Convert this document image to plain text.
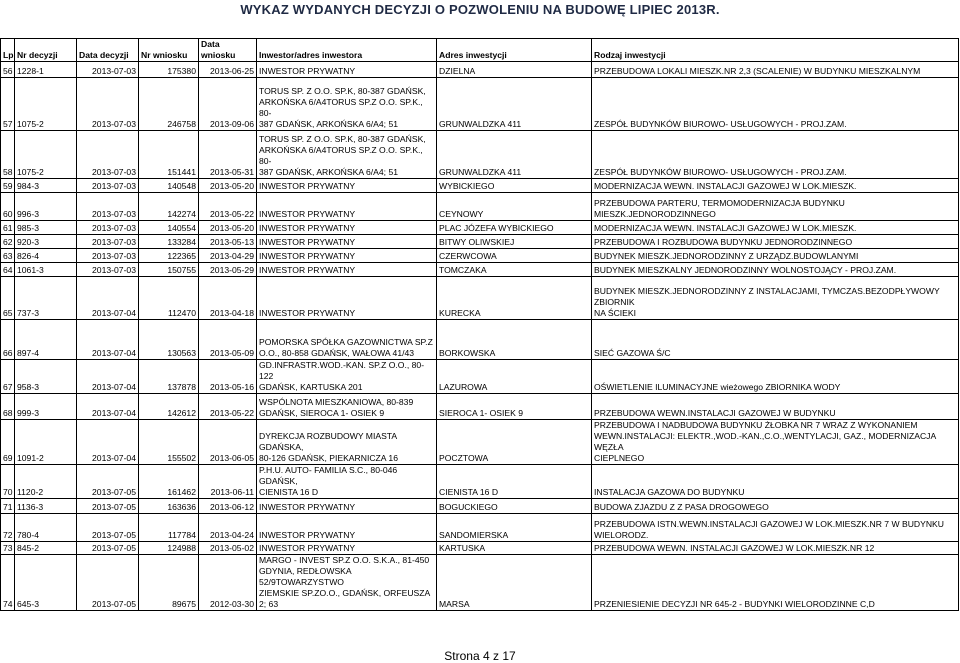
WYKAZ WYDANYCH DECYZJI O POZWOLENIU NA BUDOWĘ LIPIEC 2013R.
Lp	Nr decyzji	Data decyzji	Nr wniosku	Data wniosku	Inwestor/adres inwestora	Adres inwestycji	Rodzaj inwestycji
56	1228-1	2013-07-03	175380	2013-06-25	INWESTOR PRYWATNY	DZIELNA	PRZEBUDOWA LOKALI MIESZK.NR 2,3 (SCALENIE) W BUDYNKU MIESZKALNYM
57	1075-2	2013-07-03	246758	2013-09-06	TORUS SP. Z O.O. SP.K, 80-387 GDAŃSK,
ARKOŃSKA 6/A4TORUS SP.Z O.O. SP.K., 80-
387 GDAŃSK, ARKOŃSKA 6/A4; 51	GRUNWALDZKA 411	ZESPÓŁ BUDYNKÓW BIUROWO- USŁUGOWYCH - PROJ.ZAM.
58	1075-2	2013-07-03	151441	2013-05-31	TORUS SP. Z O.O. SP.K, 80-387 GDAŃSK,
ARKOŃSKA 6/A4TORUS SP.Z O.O. SP.K., 80-
387 GDAŃSK, ARKOŃSKA 6/A4; 51	GRUNWALDZKA 411	ZESPÓŁ BUDYNKÓW BIUROWO- USŁUGOWYCH - PROJ.ZAM.
59	984-3	2013-07-03	140548	2013-05-20	INWESTOR PRYWATNY	WYBICKIEGO	MODERNIZACJA WEWN. INSTALACJI GAZOWEJ W LOK.MIESZK.
60	996-3	2013-07-03	142274	2013-05-22	INWESTOR PRYWATNY	CEYNOWY	PRZEBUDOWA PARTERU, TERMOMODERNIZACJA BUDYNKU MIESZK.JEDNORODZINNEGO
61	985-3	2013-07-03	140554	2013-05-20	INWESTOR PRYWATNY	PLAC JÓZEFA WYBICKIEGO	MODERNIZACJA WEWN. INSTALACJI GAZOWEJ W LOK.MIESZK.
62	920-3	2013-07-03	133284	2013-05-13	INWESTOR PRYWATNY	BITWY OLIWSKIEJ	PRZEBUDOWA I ROZBUDOWA BUDYNKU JEDNORODZINNEGO
63	826-4	2013-07-03	122365	2013-04-29	INWESTOR PRYWATNY	CZERWCOWA	BUDYNEK MIESZK.JEDNORODZINNY Z URZĄDZ.BUDOWLANYMI
64	1061-3	2013-07-03	150755	2013-05-29	INWESTOR PRYWATNY	TOMCZAKA	BUDYNEK MIESZKALNY JEDNORODZINNY WOLNOSTOJĄCY - PROJ.ZAM.
65	737-3	2013-07-04	112470	2013-04-18	INWESTOR PRYWATNY	KURECKA	BUDYNEK MIESZK.JEDNORODZINNY Z INSTALACJAMI, TYMCZAS.BEZODPŁYWOWY ZBIORNIK
NA ŚCIEKI
66	897-4	2013-07-04	130563	2013-05-09	POMORSKA SPÓŁKA GAZOWNICTWA SP.Z
O.O., 80-858 GDAŃSK, WAŁOWA 41/43	BORKOWSKA	SIEĆ GAZOWA Ś/C
67	958-3	2013-07-04	137878	2013-05-16	GD.INFRASTR.WOD.-KAN. SP.Z O.O., 80-122
GDAŃSK, KARTUSKA 201	LAZUROWA	OŚWIETLENIE ILUMINACYJNE wieżowego ZBIORNIKA WODY
68	999-3	2013-07-04	142612	2013-05-22	WSPÓLNOTA MIESZKANIOWA, 80-839
GDAŃSK, SIEROCA 1- OSIEK 9	SIEROCA 1- OSIEK 9	PRZEBUDOWA WEWN.INSTALACJI GAZOWEJ W BUDYNKU
69	1091-2	2013-07-04	155502	2013-06-05	DYREKCJA ROZBUDOWY MIASTA GDAŃSKA,
80-126 GDAŃSK, PIEKARNICZA 16	POCZTOWA	PRZEBUDOWA I NADBUDOWA BUDYNKU ŻŁOBKA NR 7 WRAZ Z WYKONANIEM
WEWN.INSTALACJI: ELEKTR.,WOD.-KAN.,C.O.,WENTYLACJI, GAZ., MODERNIZACJA WĘZŁA
CIEPLNEGO
70	1120-2	2013-07-05	161462	2013-06-11	P.H.U. AUTO- FAMILIA S.C., 80-046 GDAŃSK,
CIENISTA 16 D	CIENISTA 16 D	INSTALACJA GAZOWA DO BUDYNKU
71	1136-3	2013-07-05	163636	2013-06-12	INWESTOR PRYWATNY	BOGUCKIEGO	BUDOWA ZJAZDU Z Z PASA DROGOWEGO
72	780-4	2013-07-05	117784	2013-04-24	INWESTOR PRYWATNY	SANDOMIERSKA	PRZEBUDOWA ISTN.WEWN.INSTALACJI GAZOWEJ W LOK.MIESZK.NR 7 W BUDYNKU
WIELORODZ.
73	845-2	2013-07-05	124988	2013-05-02	INWESTOR PRYWATNY	KARTUSKA	PRZEBUDOWA WEWN. INSTALACJI GAZOWEJ W LOK.MIESZK.NR 12
74	645-3	2013-07-05	89675	2012-03-30	MARGO - INVEST SP.Z O.O. S.K.A., 81-450
GDYNIA, REDŁOWSKA 52/9TOWARZYSTWO
ZIEMSKIE SP.ZO.O., GDAŃSK, ORFEUSZA 2; 63	MARSA	PRZENIESIENIE DECYZJI NR 645-2 - BUDYNKI WIELORODZINNE C,D
Strona 4 z 17
